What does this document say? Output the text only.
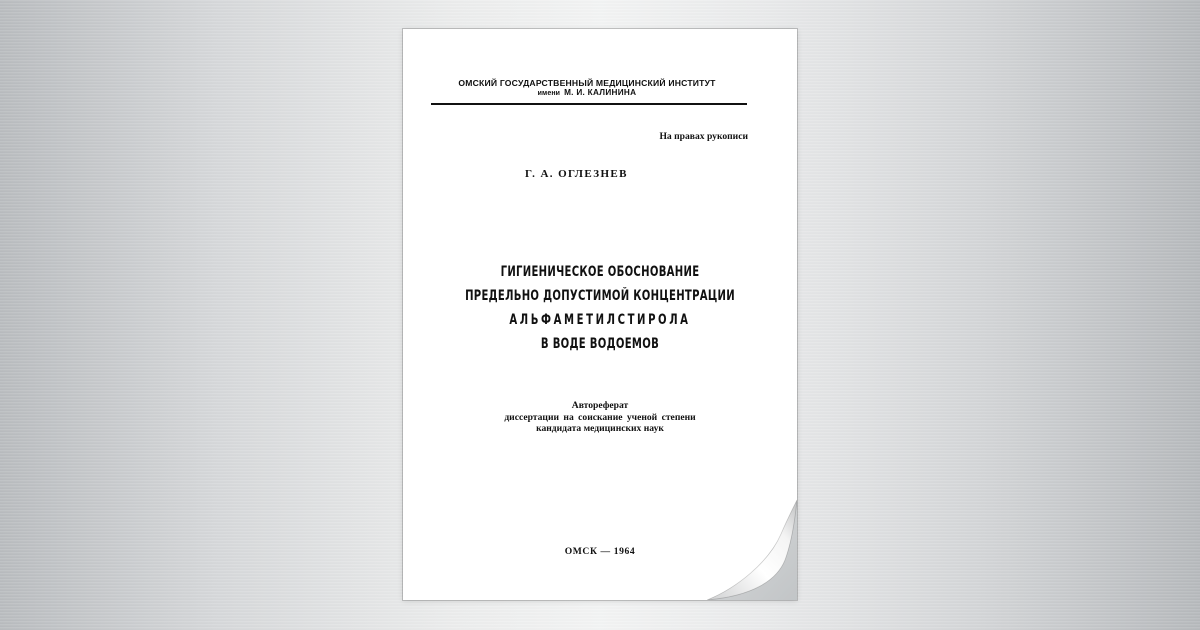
ОМСКИЙ ГОСУДАРСТВЕННЫЙ МЕДИЦИНСКИЙ ИНСТИТУТ
имени М. И. КАЛИНИНА
На правах рукописи
Г. А. ОГЛЕЗНЕВ
ГИГИЕНИЧЕСКОЕ ОБОСНОВАНИЕ
ПРЕДЕЛЬНО ДОПУСТИМОЙ КОНЦЕНТРАЦИИ
АЛЬФАМЕТИЛСТИРОЛА
В ВОДЕ ВОДОЕМОВ
Автореферат
диссертации на соискание ученой степени
кандидата медицинских наук
ОМСК — 1964
